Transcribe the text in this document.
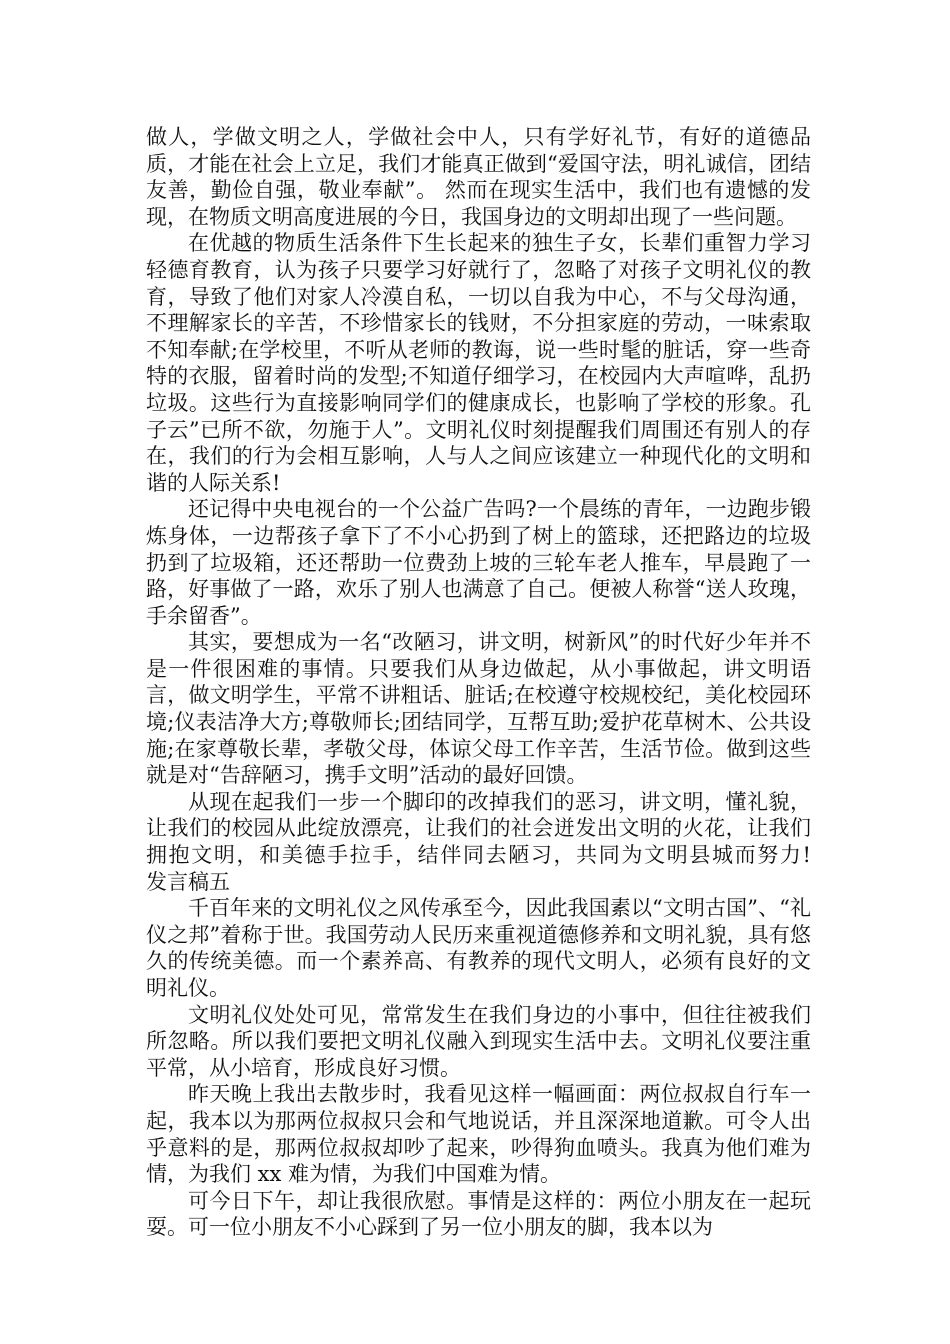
做人，学做文明之人，学做社会中人，只有学好礼节，有好的道德品质，才能在社会上立足，我们才能真正做到“爱国守法，明礼诚信，团结友善，勤俭自强，敬业奉献”。 然而在现实生活中，我们也有遗憾的发现，在物质文明高度进展的今日，我国身边的文明却出现了一些问题。

在优越的物质生活条件下生长起来的独生子女，长辈们重智力学习轻德育教育，认为孩子只要学习好就行了，忽略了对孩子文明礼仪的教育，导致了他们对家人冷漠自私，一切以自我为中心，不与父母沟通，不理解家长的辛苦，不珍惜家长的钱财，不分担家庭的劳动，一味索取不知奉献;在学校里，不听从老师的教诲，说一些时髦的脏话，穿一些奇特的衣服，留着时尚的发型;不知道仔细学习，在校园内大声喧哗，乱扔垃圾。这些行为直接影响同学们的健康成长，也影响了学校的形象。孔子云”已所不欲，勿施于人”。文明礼仪时刻提醒我们周围还有别人的存在，我们的行为会相互影响，人与人之间应该建立一种现代化的文明和谐的人际关系!

还记得中央电视台的一个公益广告吗?一个晨练的青年，一边跑步锻炼身体，一边帮孩子拿下了不小心扔到了树上的篮球，还把路边的垃圾扔到了垃圾箱，还还帮助一位费劲上坡的三轮车老人推车，早晨跑了一路，好事做了一路，欢乐了别人也满意了自己。便被人称誉“送人玫瑰，手余留香”。

其实，要想成为一名“改陋习，讲文明，树新风”的时代好少年并不是一件很困难的事情。只要我们从身边做起，从小事做起，讲文明语言，做文明学生，平常不讲粗话、脏话;在校遵守校规校纪，美化校园环境;仪表洁净大方;尊敬师长;团结同学，互帮互助;爱护花草树木、公共设施;在家尊敬长辈，孝敬父母，体谅父母工作辛苦，生活节俭。做到这些就是对“告辞陋习，携手文明”活动的最好回馈。

从现在起我们一步一个脚印的改掉我们的恶习，讲文明，懂礼貌，让我们的校园从此绽放漂亮，让我们的社会迸发出文明的火花，让我们拥抱文明，和美德手拉手，结伴同去陋习，共同为文明县城而努力!　　发言稿五

千百年来的文明礼仪之风传承至今，因此我国素以“文明古国”、“礼仪之邦”着称于世。我国劳动人民历来重视道德修养和文明礼貌，具有悠久的传统美德。而一个素养高、有教养的现代文明人，必须有良好的文明礼仪。

文明礼仪处处可见，常常发生在我们身边的小事中，但往往被我们所忽略。所以我们要把文明礼仪融入到现实生活中去。文明礼仪要注重平常，从小培育，形成良好习惯。

昨天晚上我出去散步时，我看见这样一幅画面：两位叔叔自行车一起，我本以为那两位叔叔只会和气地说话，并且深深地道歉。可令人出乎意料的是，那两位叔叔却吵了起来，吵得狗血喷头。我真为他们难为情，为我们 xx 难为情，为我们中国难为情。

可今日下午，却让我很欣慰。事情是这样的：两位小朋友在一起玩耍。可一位小朋友不小心踩到了另一位小朋友的脚，我本以为
